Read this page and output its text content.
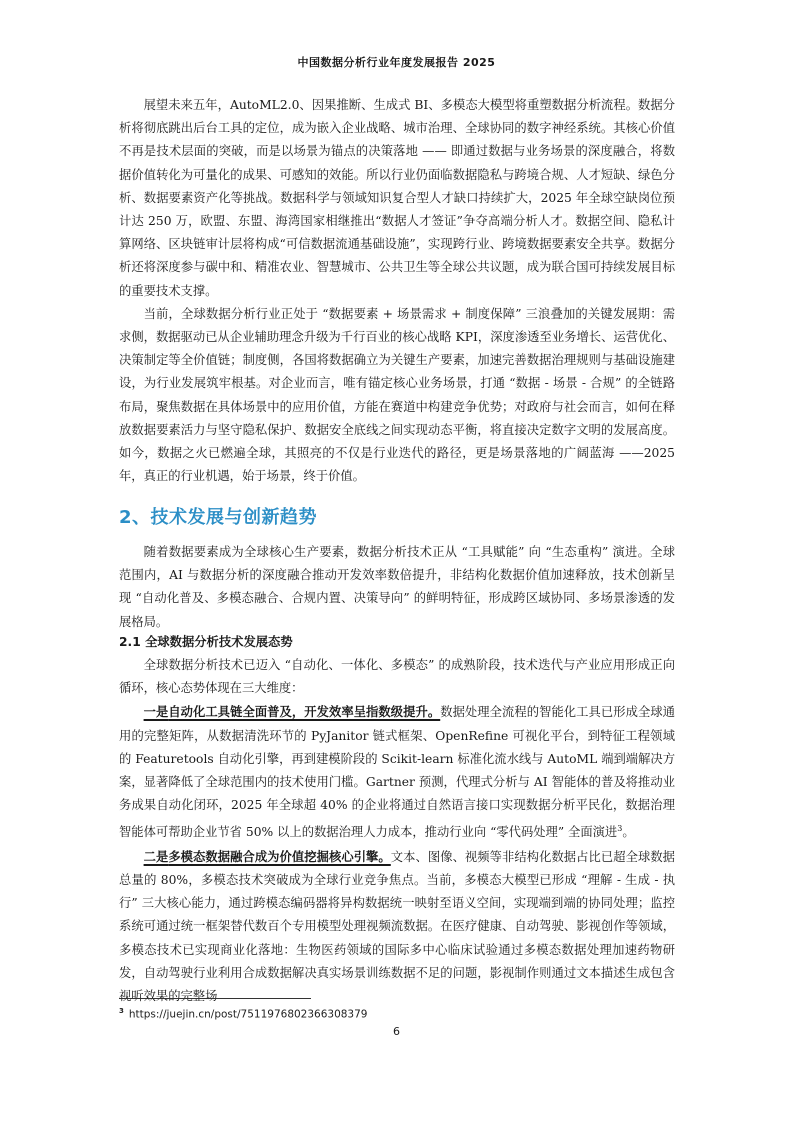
中国数据分析行业年度发展报告 2025

展望未来五年，AutoML2.0、因果推断、生成式 BI、多模态大模型将重塑数据分析流程。数据分析将彻底跳出后台工具的定位，成为嵌入企业战略、城市治理、全球协同的数字神经系统。其核心价值不再是技术层面的突破，而是以场景为锚点的决策落地 —— 即通过数据与业务场景的深度融合，将数据价值转化为可量化的成果、可感知的效能。所以行业仍面临数据隐私与跨境合规、人才短缺、绿色分析、数据要素资产化等挑战。数据科学与领域知识复合型人才缺口持续扩大，2025 年全球空缺岗位预计达 250 万，欧盟、东盟、海湾国家相继推出“数据人才签证”争夺高端分析人才。数据空间、隐私计算网络、区块链审计层将构成“可信数据流通基础设施”，实现跨行业、跨境数据要素安全共享。数据分析还将深度参与碳中和、精准农业、智慧城市、公共卫生等全球公共议题，成为联合国可持续发展目标的重要技术支撑。

当前，全球数据分析行业正处于 “数据要素 + 场景需求 + 制度保障” 三浪叠加的关键发展期：需求侧，数据驱动已从企业辅助理念升级为千行百业的核心战略 KPI，深度渗透至业务增长、运营优化、决策制定等全价值链；制度侧，各国将数据确立为关键生产要素，加速完善数据治理规则与基础设施建设，为行业发展筑牢根基。对企业而言，唯有锚定核心业务场景，打通 “数据 - 场景 - 合规” 的全链路布局，聚焦数据在具体场景中的应用价值，方能在赛道中构建竞争优势；对政府与社会而言，如何在释放数据要素活力与坚守隐私保护、数据安全底线之间实现动态平衡，将直接决定数字文明的发展高度。如今，数据之火已燃遍全球，其照亮的不仅是行业迭代的路径，更是场景落地的广阔蓝海 ——2025 年，真正的行业机遇，始于场景，终于价值。

2、技术发展与创新趋势

随着数据要素成为全球核心生产要素，数据分析技术正从 “工具赋能” 向 “生态重构” 演进。全球范围内，AI 与数据分析的深度融合推动开发效率数倍提升，非结构化数据价值加速释放，技术创新呈现 “自动化普及、多模态融合、合规内置、决策导向” 的鲜明特征，形成跨区域协同、多场景渗透的发展格局。

2.1 全球数据分析技术发展态势

全球数据分析技术已迈入 “自动化、一体化、多模态” 的成熟阶段，技术迭代与产业应用形成正向循环，核心态势体现在三大维度：

一是自动化工具链全面普及，开发效率呈指数级提升。数据处理全流程的智能化工具已形成全球通用的完整矩阵，从数据清洗环节的 PyJanitor 链式框架、OpenRefine 可视化平台，到特征工程领域的 Featuretools 自动化引擎，再到建模阶段的 Scikit-learn 标准化流水线与 AutoML 端到端解决方案，显著降低了全球范围内的技术使用门槛。Gartner 预测，代理式分析与 AI 智能体的普及将推动业务成果自动化闭环，2025 年全球超 40% 的企业将通过自然语言接口实现数据分析平民化，数据治理智能体可帮助企业节省 50% 以上的数据治理人力成本，推动行业向 “零代码处理” 全面演进$^3$。

二是多模态数据融合成为价值挖掘核心引擎。文本、图像、视频等非结构化数据占比已超全球数据总量的 80%，多模态技术突破成为全球行业竞争焦点。当前，多模态大模型已形成 “理解 - 生成 - 执行” 三大核心能力，通过跨模态编码器将异构数据统一映射至语义空间，实现端到端的协同处理；监控系统可通过统一框架替代数百个专用模型处理视频流数据。在医疗健康、自动驾驶、影视创作等领域，多模态技术已实现商业化落地：生物医药领域的国际多中心临床试验通过多模态数据处理加速药物研发，自动驾驶行业利用合成数据解决真实场景训练数据不足的问题，影视制作则通过文本描述生成包含视听效果的完整场

$^3$ https://juejin.cn/post/7511976802366308379
6
